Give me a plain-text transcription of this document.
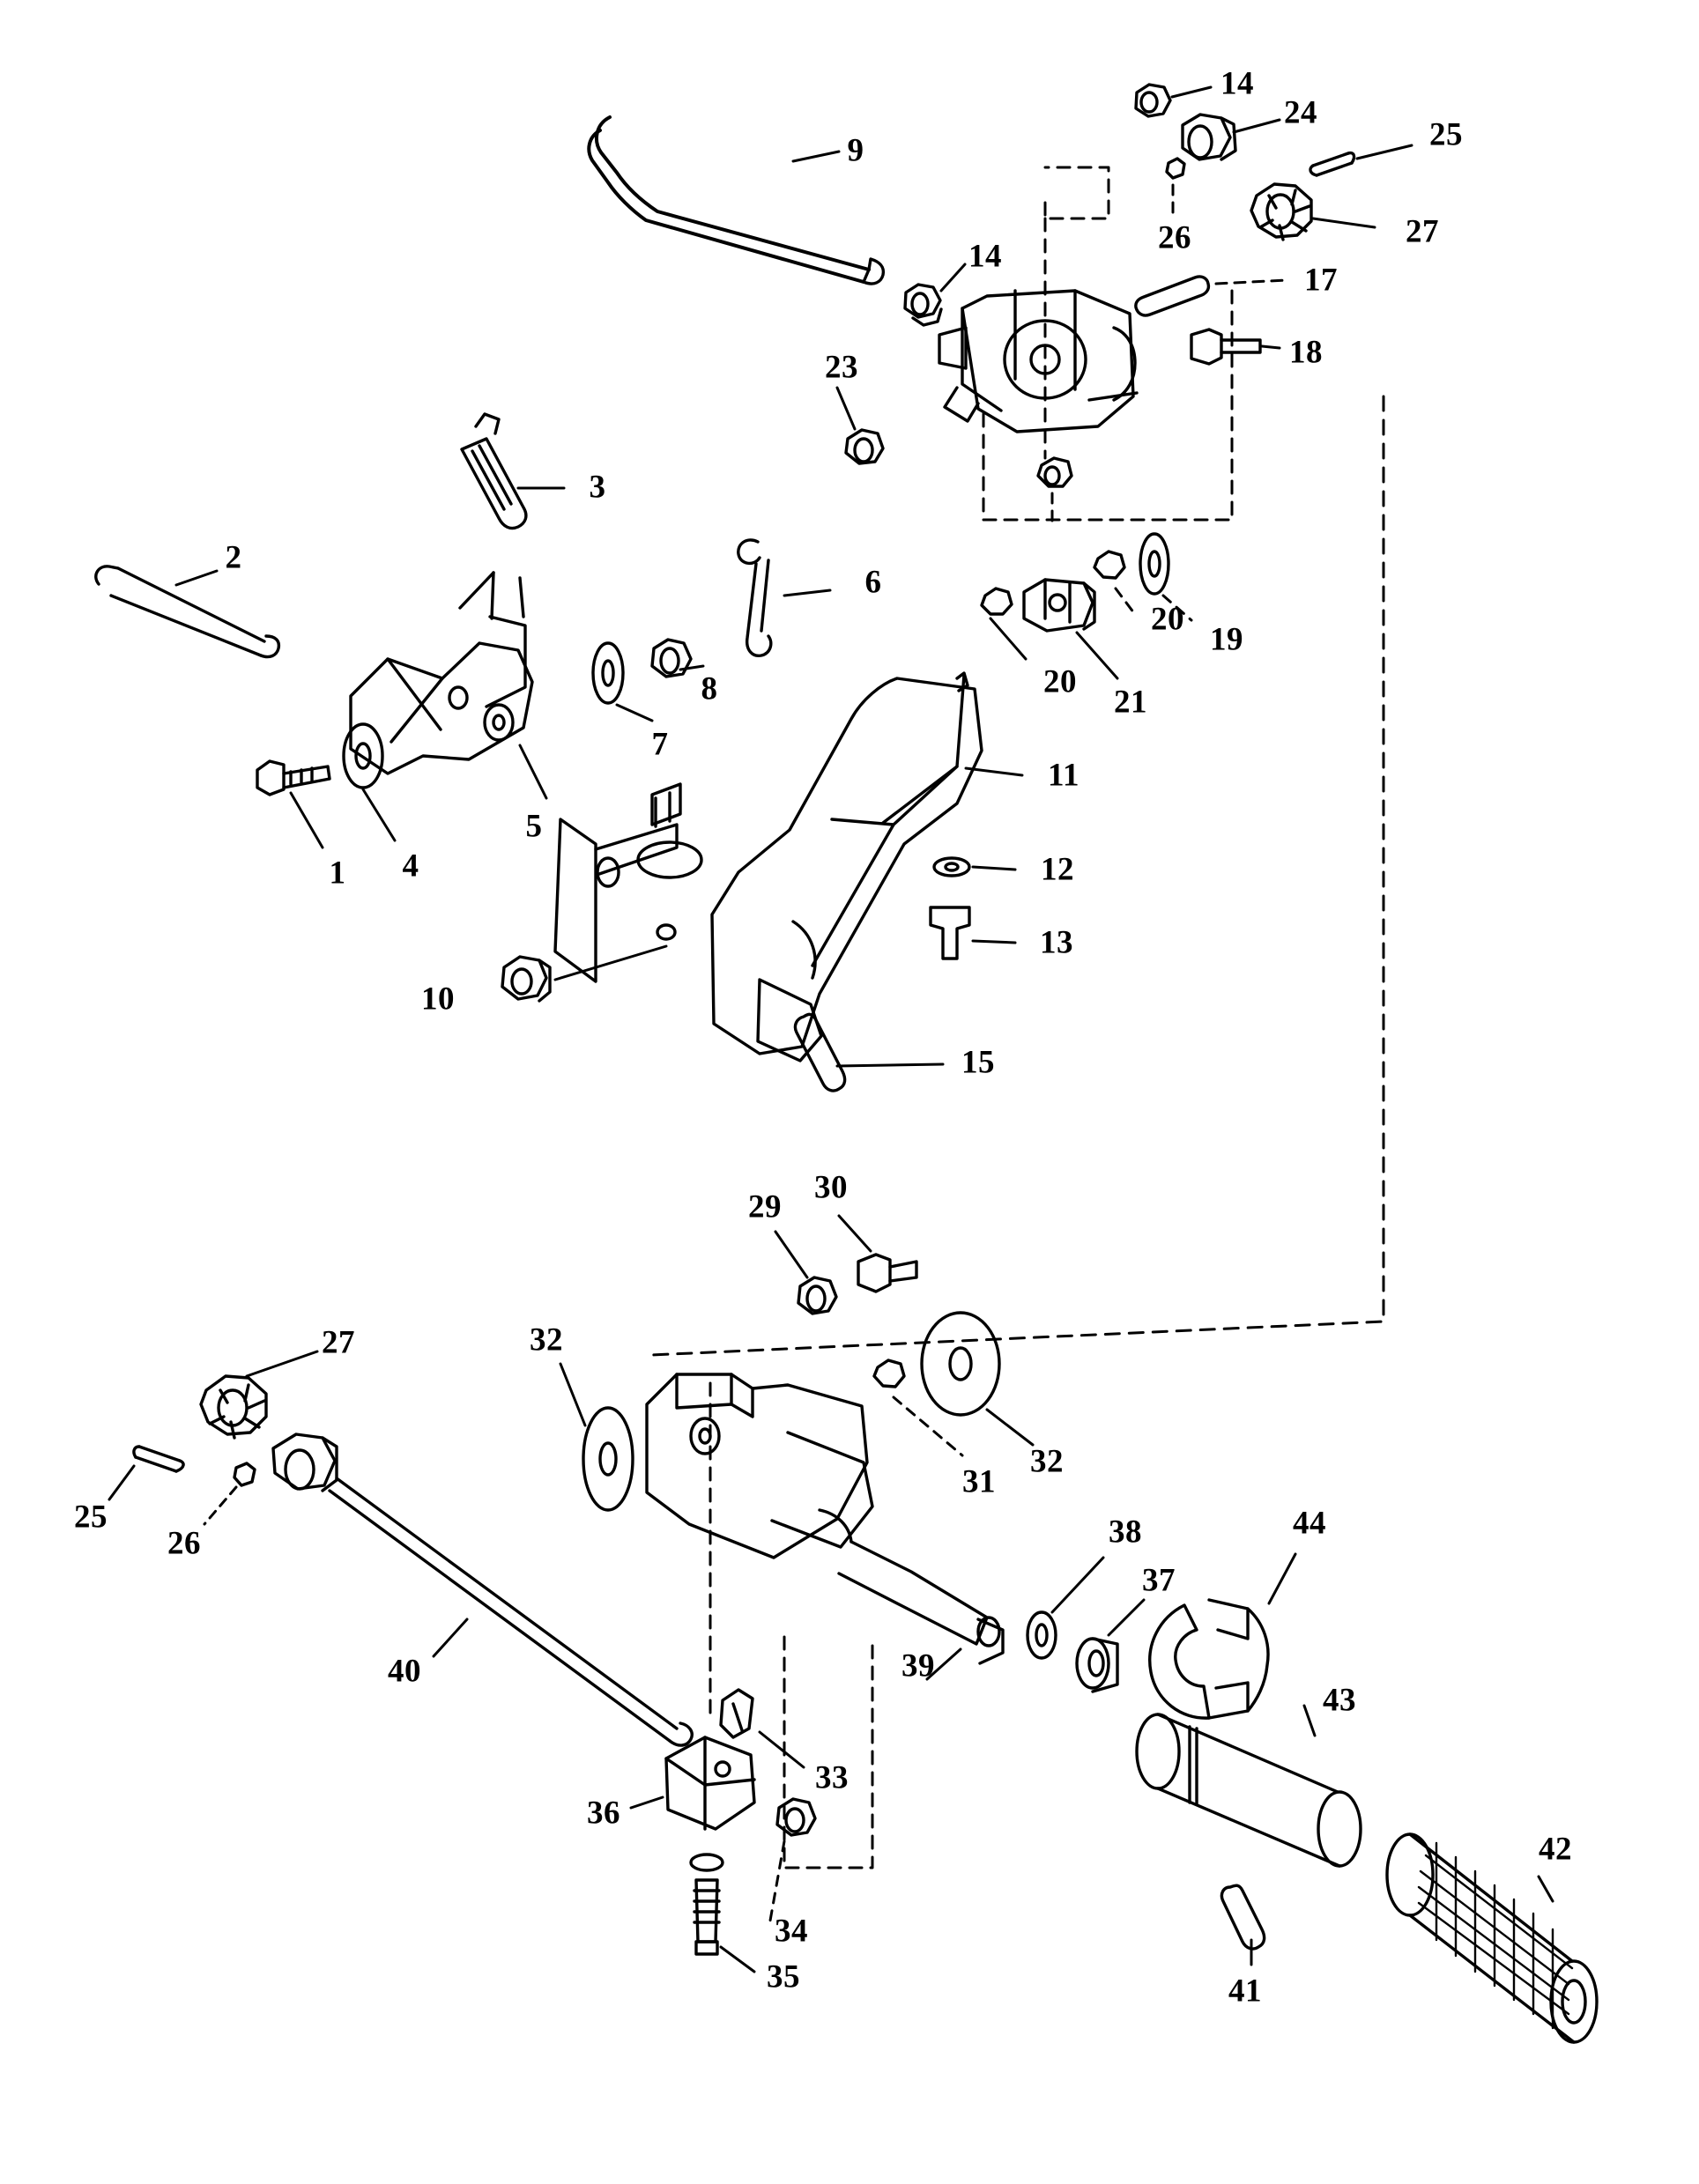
9
14
24
25
27
26
17
14
18
23
3
2
6
19
20
20
21
7
8
5
4
1
11
12
13
10
15
29
30
32
27
25
26
31
32
38	44
37
39
43
40
33
36
42
34
35	41
